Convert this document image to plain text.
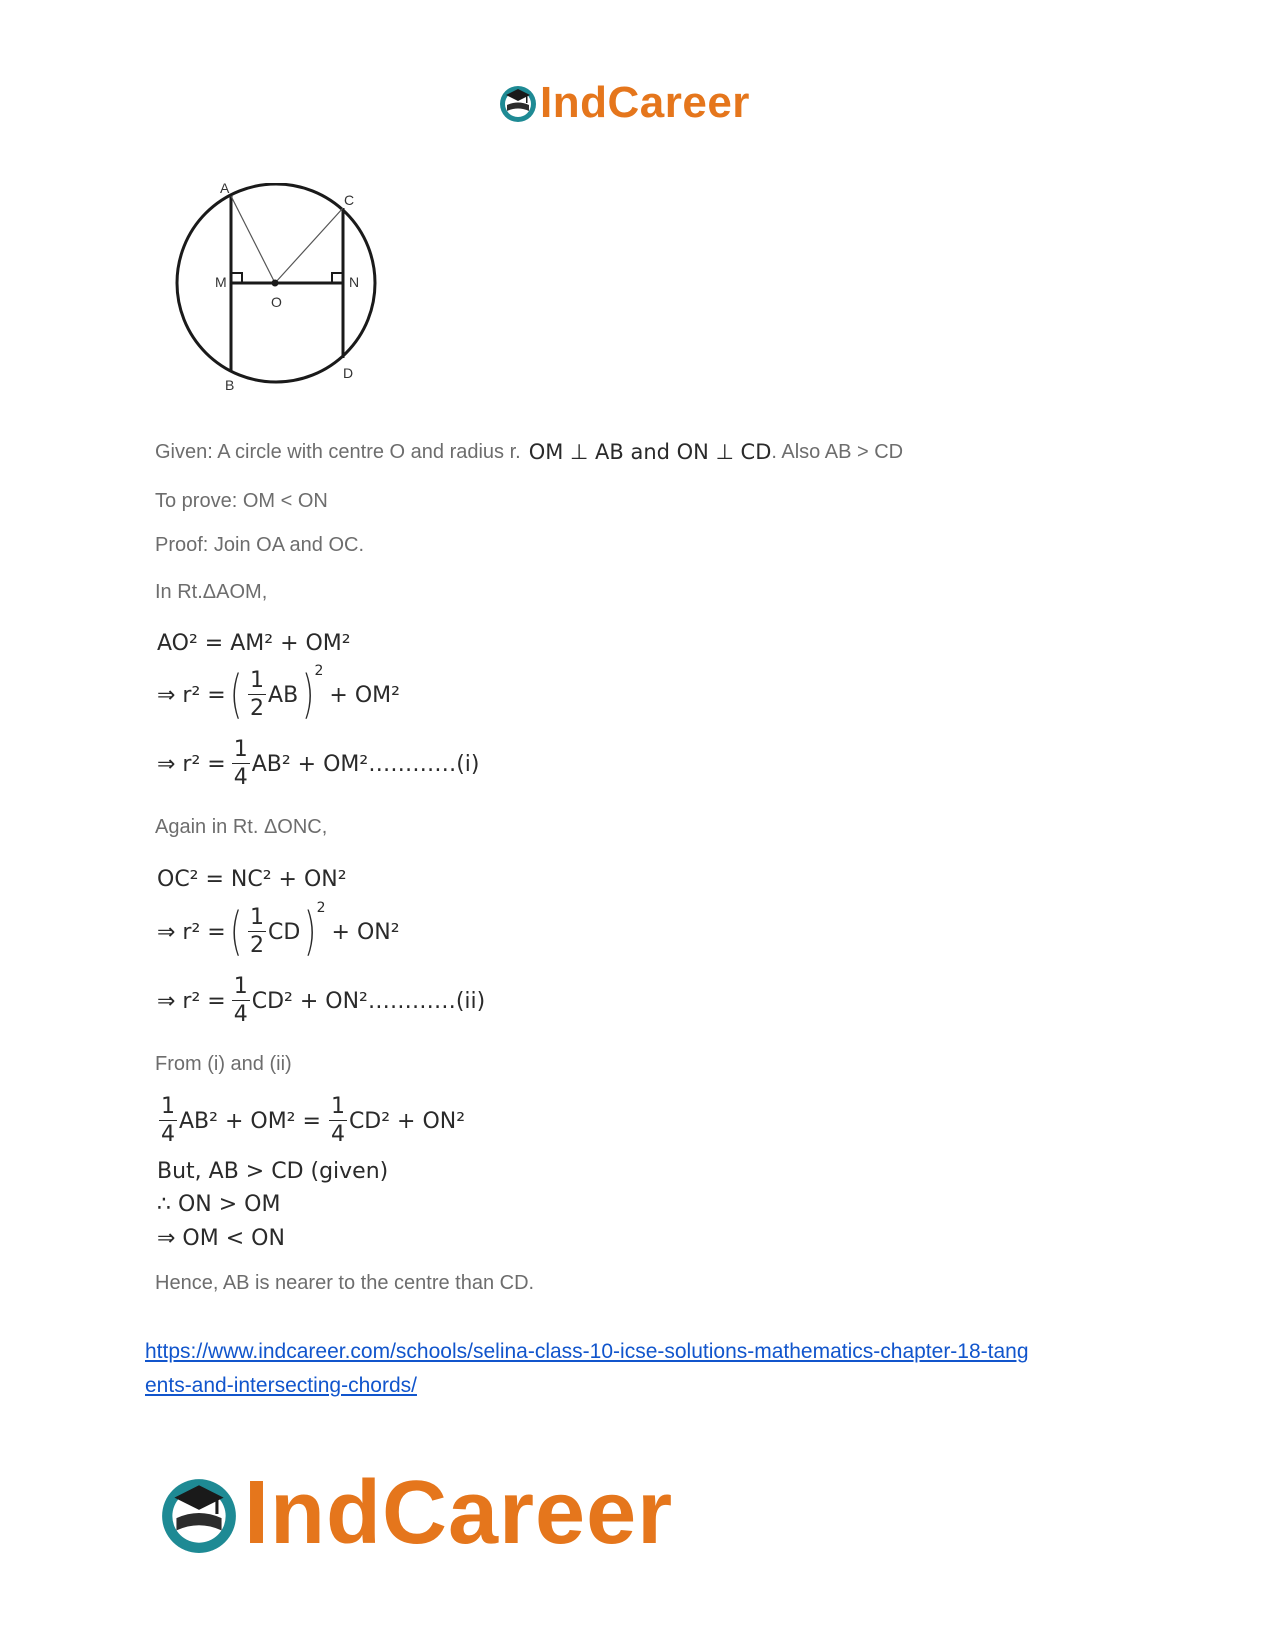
IndCareer
A
C
M	N
O
B
D
Given: A circle with centre O and radius r. OM ⊥ AB and ON ⊥ CD . Also AB > CD
To prove: OM < ON
Proof: Join OA and OC.
In Rt.ΔAOM,
AO² = AM² + OM²
⇒ r² = ( $\frac{1}{2}$ AB ) 2
+ OM²
⇒ $r^2 = \frac{1}{4} AB^2$ + OM²…………(i)
Again in Rt. ΔONC,
OC² = NC² + ON²
⇒ r² = ( $\frac{1}{2}$ CD ) 2
+ ON²
⇒ $r^2 = \frac{1}{4} CD^2$ + ON²…………(ii)
From (i) and (ii)
$\frac{1}{4} AB^2 + OM^2 = \frac{1}{4} CD^2 + ON^2$
But, AB > CD (given)
∴ ON > OM
⇒ OM < ON
Hence, AB is nearer to the centre than CD.
https://www.indcareer.com/schools/selina-class-10-icse-solutions-mathematics-chapter-18-tang
ents-and-intersecting-chords/
IndCareer
